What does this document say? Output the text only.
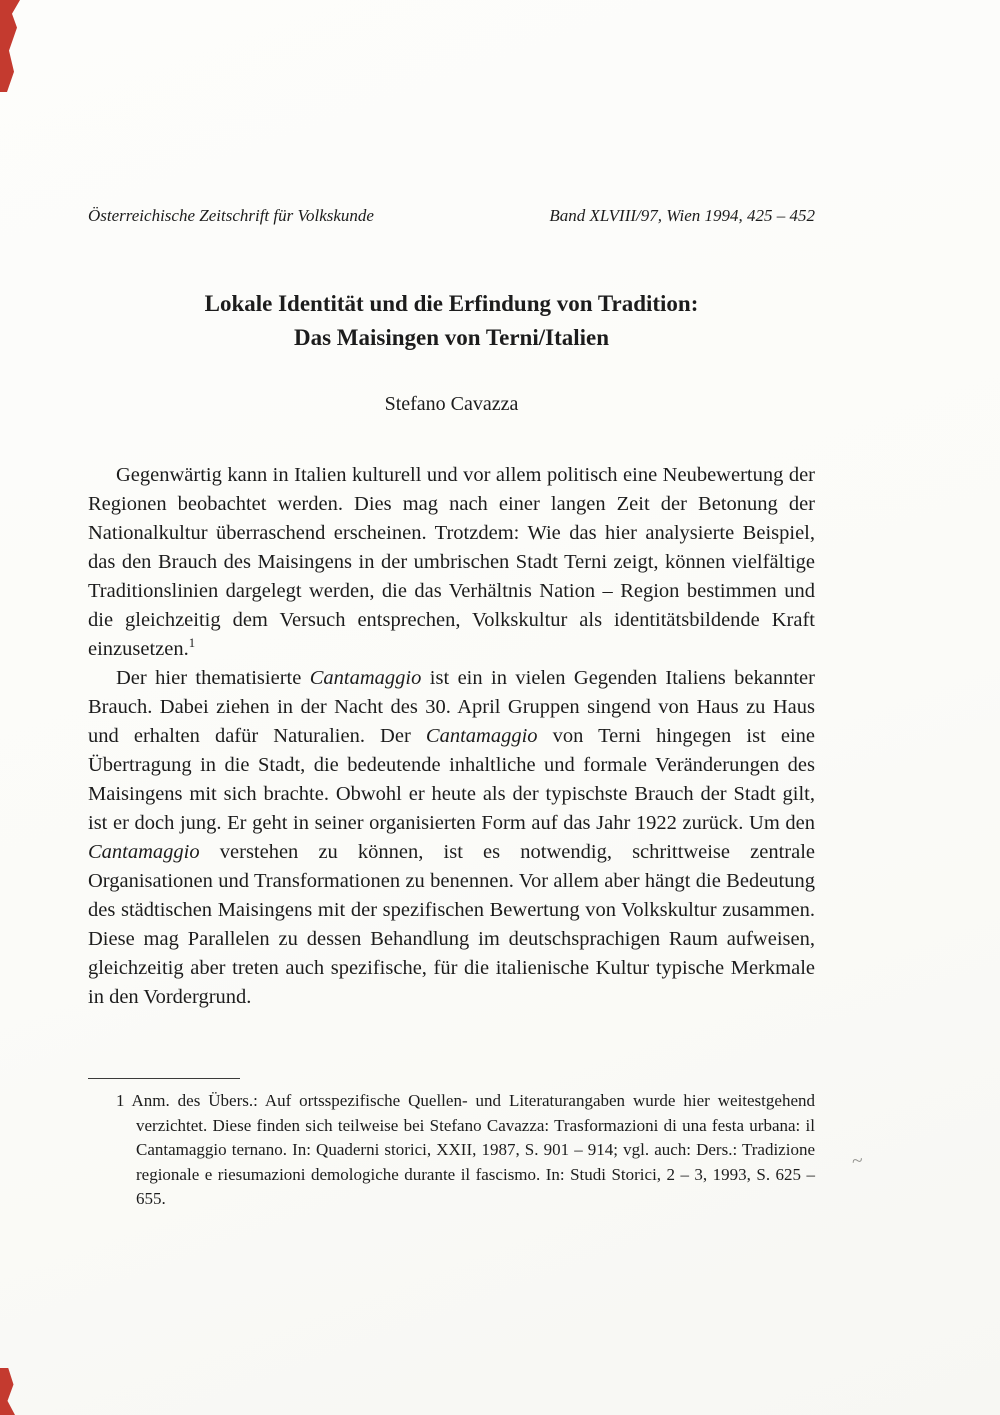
Österreichische Zeitschrift für Volkskunde	Band XLVIII/97, Wien 1994, 425 – 452
Lokale Identität und die Erfindung von Tradition:
Das Maisingen von Terni/Italien
Stefano Cavazza

Gegenwärtig kann in Italien kulturell und vor allem politisch eine Neubewertung der Regionen beobachtet werden. Dies mag nach einer langen Zeit der Betonung der Nationalkultur überraschend erscheinen. Trotzdem: Wie das hier analysierte Beispiel, das den Brauch des Maisingens in der umbrischen Stadt Terni zeigt, können vielfältige Traditionslinien dargelegt werden, die das Verhältnis Nation – Region bestimmen und die gleichzeitig dem Versuch entsprechen, Volkskultur als identitätsbildende Kraft einzusetzen.$^1$

Der hier thematisierte Cantamaggio ist ein in vielen Gegenden Italiens bekannter Brauch. Dabei ziehen in der Nacht des 30. April Gruppen singend von Haus zu Haus und erhalten dafür Naturalien. Der Cantamaggio von Terni hingegen ist eine Übertragung in die Stadt, die bedeutende inhaltliche und formale Veränderungen des Maisingens mit sich brachte. Obwohl er heute als der typischste Brauch der Stadt gilt, ist er doch jung. Er geht in seiner organisierten Form auf das Jahr 1922 zurück. Um den Cantamaggio verstehen zu können, ist es notwendig, schrittweise zentrale Organisationen und Transformationen zu benennen. Vor allem aber hängt die Bedeutung des städtischen Maisingens mit der spezifischen Bewertung von Volkskultur zusammen. Diese mag Parallelen zu dessen Behandlung im deutschsprachigen Raum aufweisen, gleichzeitig aber treten auch spezifische, für die italienische Kultur typische Merkmale in den Vordergrund.

1 Anm. des Übers.: Auf ortsspezifische Quellen- und Literaturangaben wurde hier weitestgehend verzichtet. Diese finden sich teilweise bei Stefano Cavazza: Trasformazioni di una festa urbana: il Cantamaggio ternano. In: Quaderni storici, XXII, 1987, S. 901 – 914; vgl. auch: Ders.: Tradizione regionale e riesumazioni demologiche durante il fascismo. In: Studi Storici, 2 – 3, 1993, S. 625 – 655.

~
